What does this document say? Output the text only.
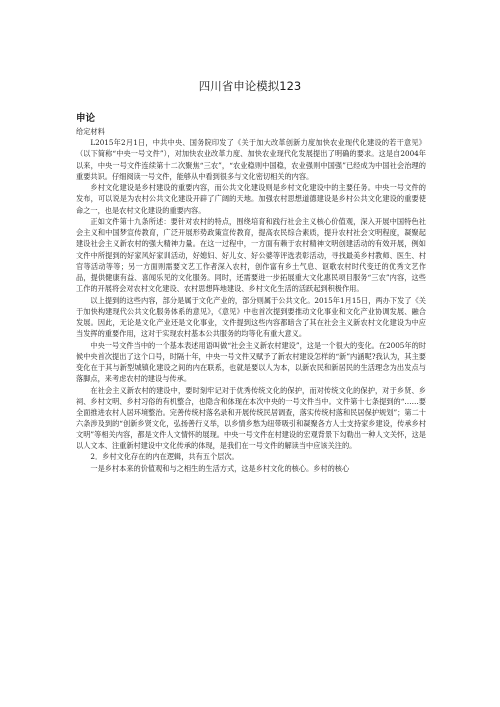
四川省申论模拟123

申论

给定材料

L2015年2月1日，中共中央、国务院印发了《关于加大改革创新力度加快农业现代化建设的若干意见》（以下简称“中央一号文件”），对加快农业改革力度、加快农业现代化发展提出了明确的要求。这是自2004年以来，中央一号文件连续第十二次聚焦“三农”，“农业稳则中国稳，农业强则中国强”已经成为中国社会治理的重要共识。仔细阅读一号文件，能够从中看到很多与文化密切相关的内容。

乡村文化建设是乡村建设的重要内容，而公共文化建设则是乡村文化建设中的主要任务。中央一号文件的发布，可以说是为农村公共文化建设开辟了广阔的天地。加强农村思想道德建设是乡村公共文化建设的重要使命之一，也是农村文化建设的重要内容。

正如文件第十九条所述：要针对农村的特点，围绕培育和践行社会主义核心价值观，深入开展中国特色社会主义和中国梦宣传教育，广泛开展形势政策宣传教育，提高农民综合素质，提升农村社会文明程度，凝聚起建设社会主义新农村的强大精神力量。在这一过程中，一方面有赖于农村精神文明创建活动的有效开展，例如文件中所提到的好家风好家训活动，好媳妇、好儿女、好公婆等评选表彰活动，寻找最美乡村教师、医生、村官等活动等等；另一方面则需要文艺工作者深入农村，创作富有乡土气息、讴歌农村时代变迁的优秀文艺作品，提供健康有益、喜闻乐见的文化服务。同时，还需要进一步拓展重大文化惠民项目服务“三农”内容，这些工作的开展将会对农村文化建设、农村思想阵地建设、乡村文化生活的活跃起到积极作用。

以上提到的这些内容，部分是属于文化产业的，部分则属于公共文化。2015年1月15日，两办下发了《关于加快构建现代公共文化服务体系的意见》，《意见》中也首次提到要推动文化事业和文化产业协调发展、融合发展。因此，无论是文化产业还是文化事业，文件提到这些内容都暗含了其在社会主义新农村文化建设为中应当发挥的重要作用，这对于实现农村基本公共服务的均等化有重大意义。

中央一号文件当中的一个基本表述用语叫做“社会主义新农村建设”，这是一个很大的变化。在2005年的时候中央首次提出了这个口号，时隔十年，中央一号文件又赋予了新农村建设怎样的“新”内涵呢?我认为，其主要变化在于其与新型城镇化建设之间的内在联系，也就是要以人为本，以新农民和新居民的生活理念为出发点与落脚点，来考虑农村的建设与传承。

在社会主义新农村的建设中，要时刻牢记对于优秀传统文化的保护，而对传统文化的保护，对于乡贤、乡祠、乡村文明、乡村习俗的有机整合，也隐含和体现在本次中央的一号文件当中。文件第十七条提到的“……要全面推进农村人居环境整治。完善传统村落名录和开展传统民居调查，落实传统村落和民居保护规划”；第二十六条涉及到的“创新乡贤文化，弘扬善行义举，以乡情乡愁为纽带吸引和凝聚各方人士支持家乡建设，传承乡村文明”等相关内容，都是文件人文情怀的展现。中央一号文件在村建设的宏观背景下勾勒出一种人文关怀，这是以人文本、注重新村建设中文化传承的体现，是我们在一号文件的解读当中应该关注的。

2．乡村文化存在的内在逻辑，共有五个层次。

一是乡村本来的价值观和与之相生的生活方式，这是乡村文化的核心。乡村的核心
